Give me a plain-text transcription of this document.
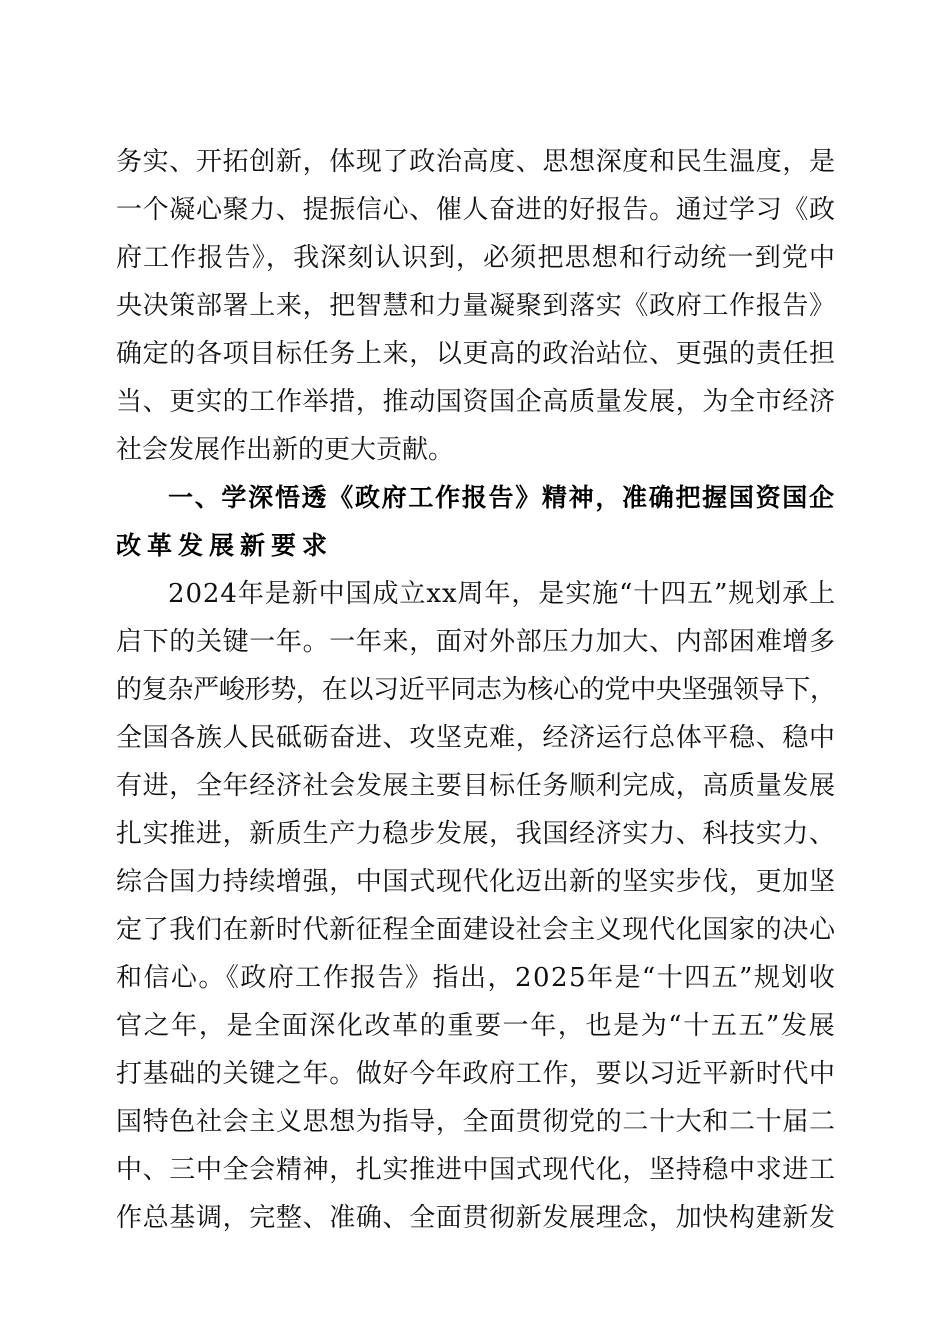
务实、开拓创新，体现了政治高度、思想深度和民生温度，是
一个凝心聚力、提振信心、催人奋进的好报告。通过学习《政
府工作报告》，我深刻认识到，必须把思想和行动统一到党中
央决策部署上来，把智慧和力量凝聚到落实《政府工作报告》
确定的各项目标任务上来，以更高的政治站位、更强的责任担
当、更实的工作举措，推动国资国企高质量发展，为全市经济
社会发展作出新的更大贡献。
一、学深悟透《政府工作报告》精神，准确把握国资国企
改革发展新要求
2024年是新中国成立xx周年，是实施“十四五”规划承上
启下的关键一年。一年来，面对外部压力加大、内部困难增多
的复杂严峻形势，在以习近平同志为核心的党中央坚强领导下，
全国各族人民砥砺奋进、攻坚克难，经济运行总体平稳、稳中
有进，全年经济社会发展主要目标任务顺利完成，高质量发展
扎实推进，新质生产力稳步发展，我国经济实力、科技实力、
综合国力持续增强，中国式现代化迈出新的坚实步伐，更加坚
定了我们在新时代新征程全面建设社会主义现代化国家的决心
和信心。《政府工作报告》指出，2025年是“十四五”规划收
官之年，是全面深化改革的重要一年，也是为“十五五”发展
打基础的关键之年。做好今年政府工作，要以习近平新时代中
国特色社会主义思想为指导，全面贯彻党的二十大和二十届二
中、三中全会精神，扎实推进中国式现代化，坚持稳中求进工
作总基调，完整、准确、全面贯彻新发展理念，加快构建新发
